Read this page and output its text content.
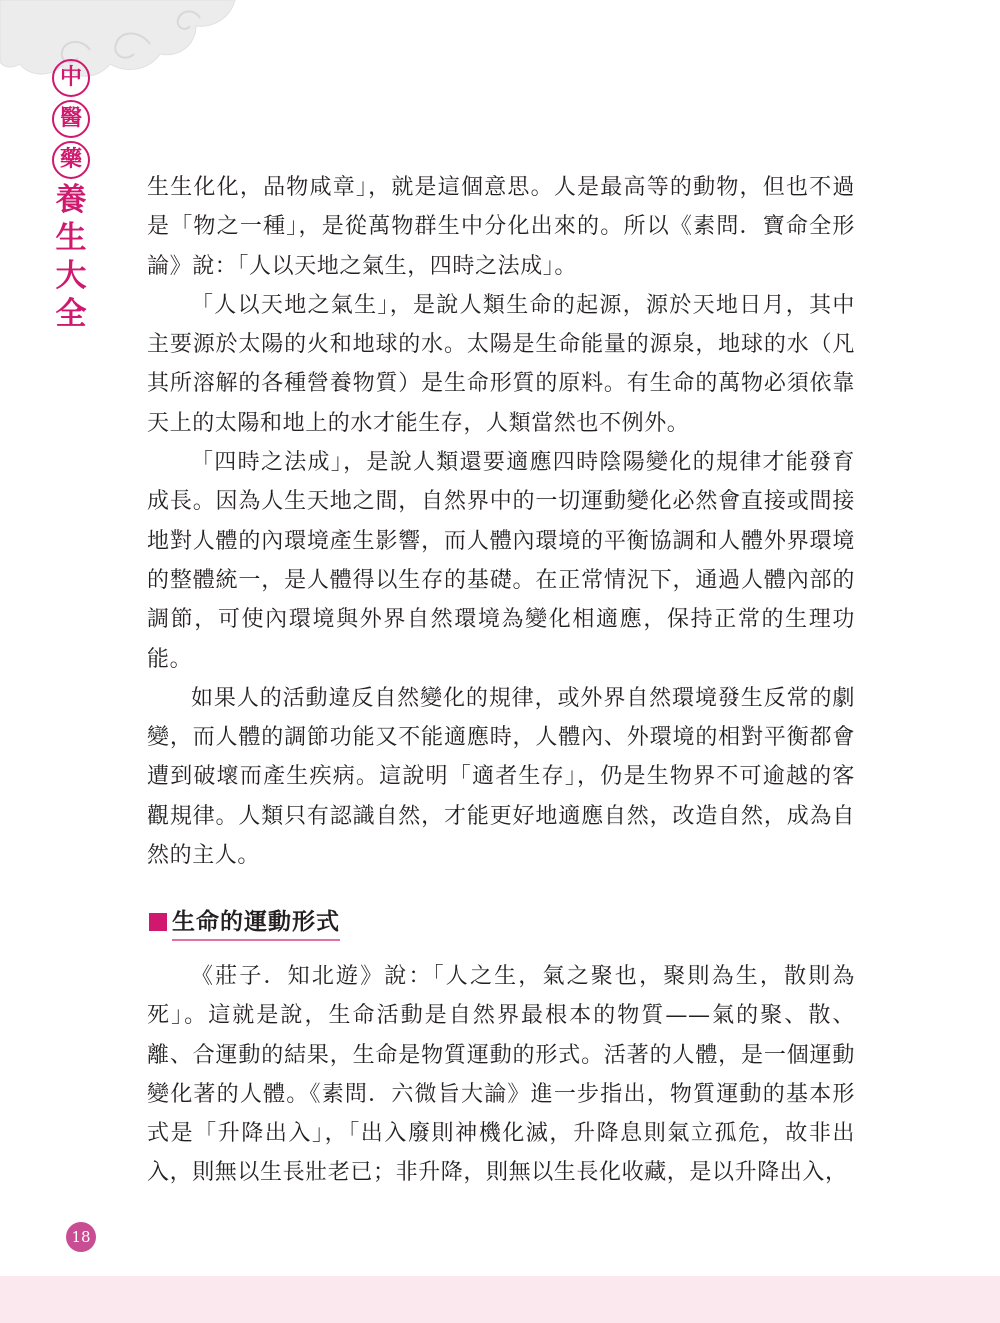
中
醫
藥
養
生
大
全

生生化化，品物咸章」，就是這個意思。人是最高等的動物，但也不過是「物之一種」，是從萬物群生中分化出來的。所以《素問．寶命全形論》說：「人以天地之氣生，四時之法成」。

「人以天地之氣生」，是說人類生命的起源，源於天地日月，其中主要源於太陽的火和地球的水。太陽是生命能量的源泉，地球的水（凡其所溶解的各種營養物質）是生命形質的原料。有生命的萬物必須依靠天上的太陽和地上的水才能生存，人類當然也不例外。

「四時之法成」，是說人類還要適應四時陰陽變化的規律才能發育成長。因為人生天地之間，自然界中的一切運動變化必然會直接或間接地對人體的內環境產生影響，而人體內環境的平衡協調和人體外界環境的整體統一，是人體得以生存的基礎。在正常情況下，通過人體內部的調節，可使內環境與外界自然環境為變化相適應，保持正常的生理功能。

如果人的活動違反自然變化的規律，或外界自然環境發生反常的劇變，而人體的調節功能又不能適應時，人體內、外環境的相對平衡都會遭到破壞而產生疾病。這說明「適者生存」，仍是生物界不可逾越的客觀規律。人類只有認識自然，才能更好地適應自然，改造自然，成為自然的主人。

生命的運動形式

《莊子．知北遊》說：「人之生，氣之聚也，聚則為生，散則為死」。這就是說，生命活動是自然界最根本的物質——氣的聚、散、離、合運動的結果，生命是物質運動的形式。活著的人體，是一個運動變化著的人體。《素問．六微旨大論》進一步指出，物質運動的基本形式是「升降出入」，「出入廢則神機化滅，升降息則氣立孤危，故非出入，則無以生長壯老已；非升降，則無以生長化收藏，是以升降出入，

18
